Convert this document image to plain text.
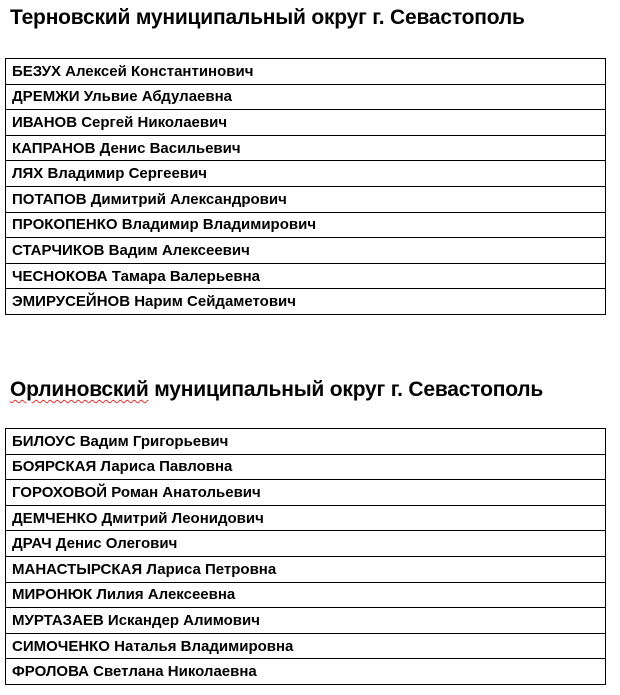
Терновский муниципальный округ г. Севастополь
БЕЗУХ Алексей Константинович
ДРЕМЖИ Ульвие Абдулаевна
ИВАНОВ Сергей Николаевич
КАПРАНОВ Денис Васильевич
ЛЯХ Владимир Сергеевич
ПОТАПОВ Димитрий Александрович
ПРОКОПЕНКО Владимир Владимирович
СТАРЧИКОВ Вадим Алексеевич
ЧЕСНОКОВА Тамара Валерьевна
ЭМИРУСЕЙНОВ Нарим Сейдаметович
Орлиновский муниципальный округ г. Севастополь
БИЛОУС Вадим Григорьевич
БОЯРСКАЯ Лариса Павловна
ГОРОХОВОЙ Роман Анатольевич
ДЕМЧЕНКО Дмитрий Леонидович
ДРАЧ Денис Олегович
МАНАСТЫРСКАЯ Лариса Петровна
МИРОНЮК Лилия Алексеевна
МУРТАЗАЕВ Искандер Алимович
СИМОЧЕНКО Наталья Владимировна
ФРОЛОВА Светлана Николаевна
